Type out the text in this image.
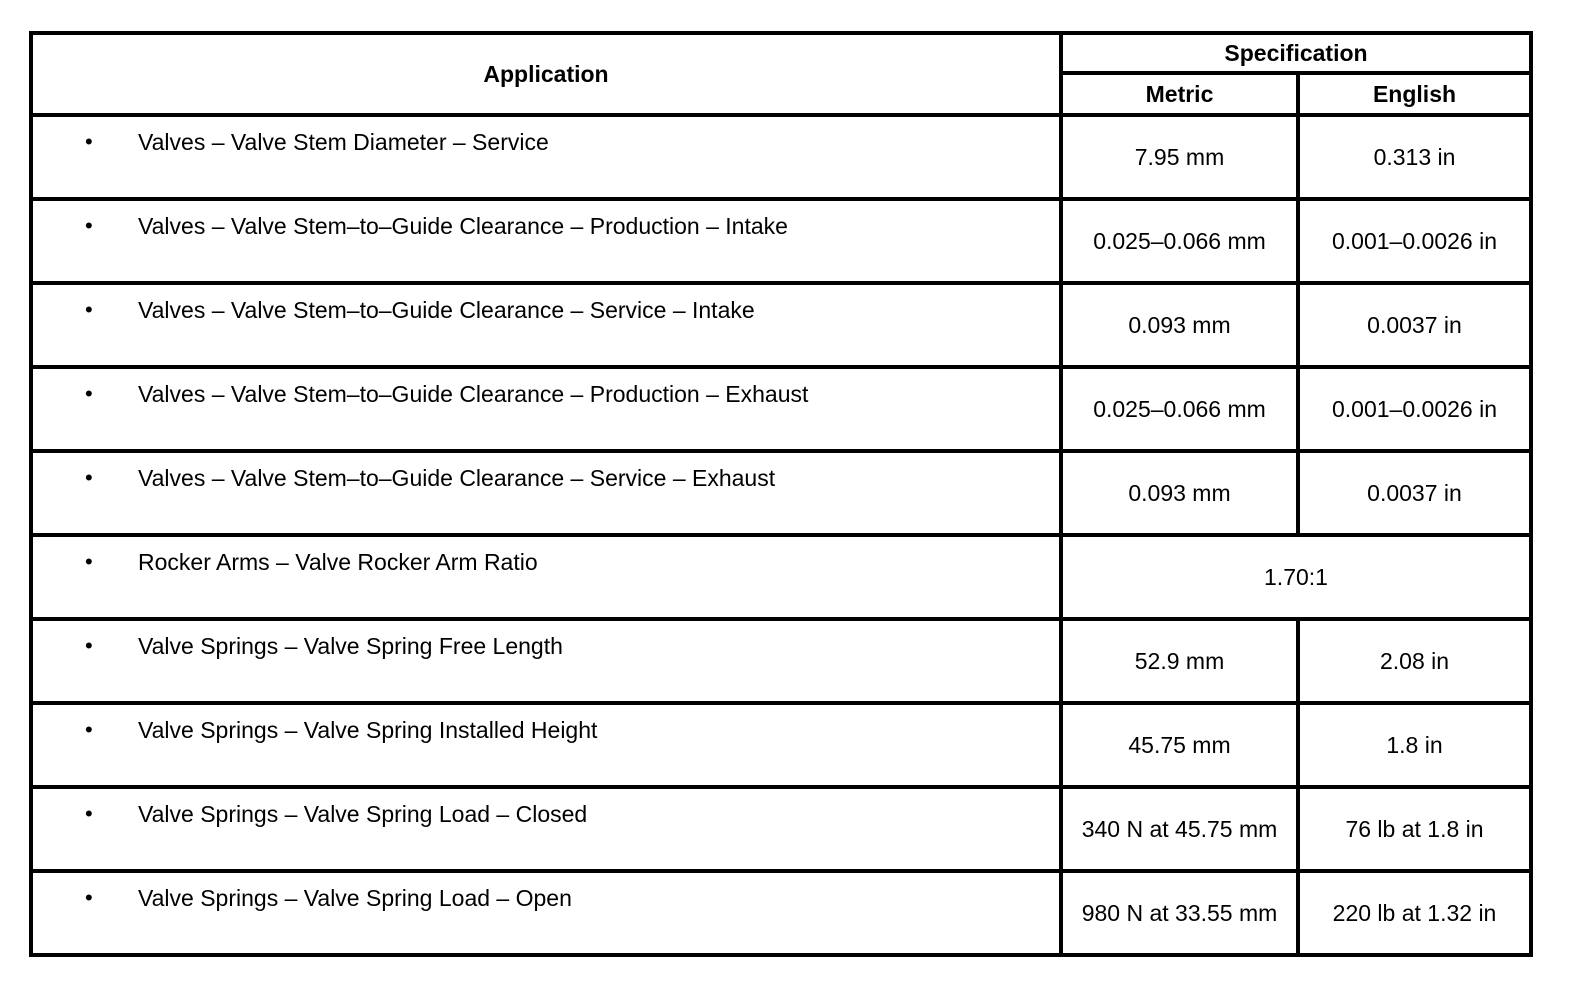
Application	Specification	
	Metric	English

• Valves – Valve Stem Diameter – Service	7.95 mm	0.313 in

• Valves – Valve Stem–to–Guide Clearance – Production – Intake	0.025–0.066 mm	0.001–0.0026 in

• Valves – Valve Stem–to–Guide Clearance – Service – Intake	0.093 mm	0.0037 in

• Valves – Valve Stem–to–Guide Clearance – Production – Exhaust	0.025–0.066 mm	0.001–0.0026 in

• Valves – Valve Stem–to–Guide Clearance – Service – Exhaust	0.093 mm	0.0037 in

• Rocker Arms – Valve Rocker Arm Ratio	1.70:1	

• Valve Springs – Valve Spring Free Length	52.9 mm	2.08 in

• Valve Springs – Valve Spring Installed Height	45.75 mm	1.8 in

• Valve Springs – Valve Spring Load – Closed	340 N at 45.75 mm	76 lb at 1.8 in

• Valve Springs – Valve Spring Load – Open	980 N at 33.55 mm	220 lb at 1.32 in
